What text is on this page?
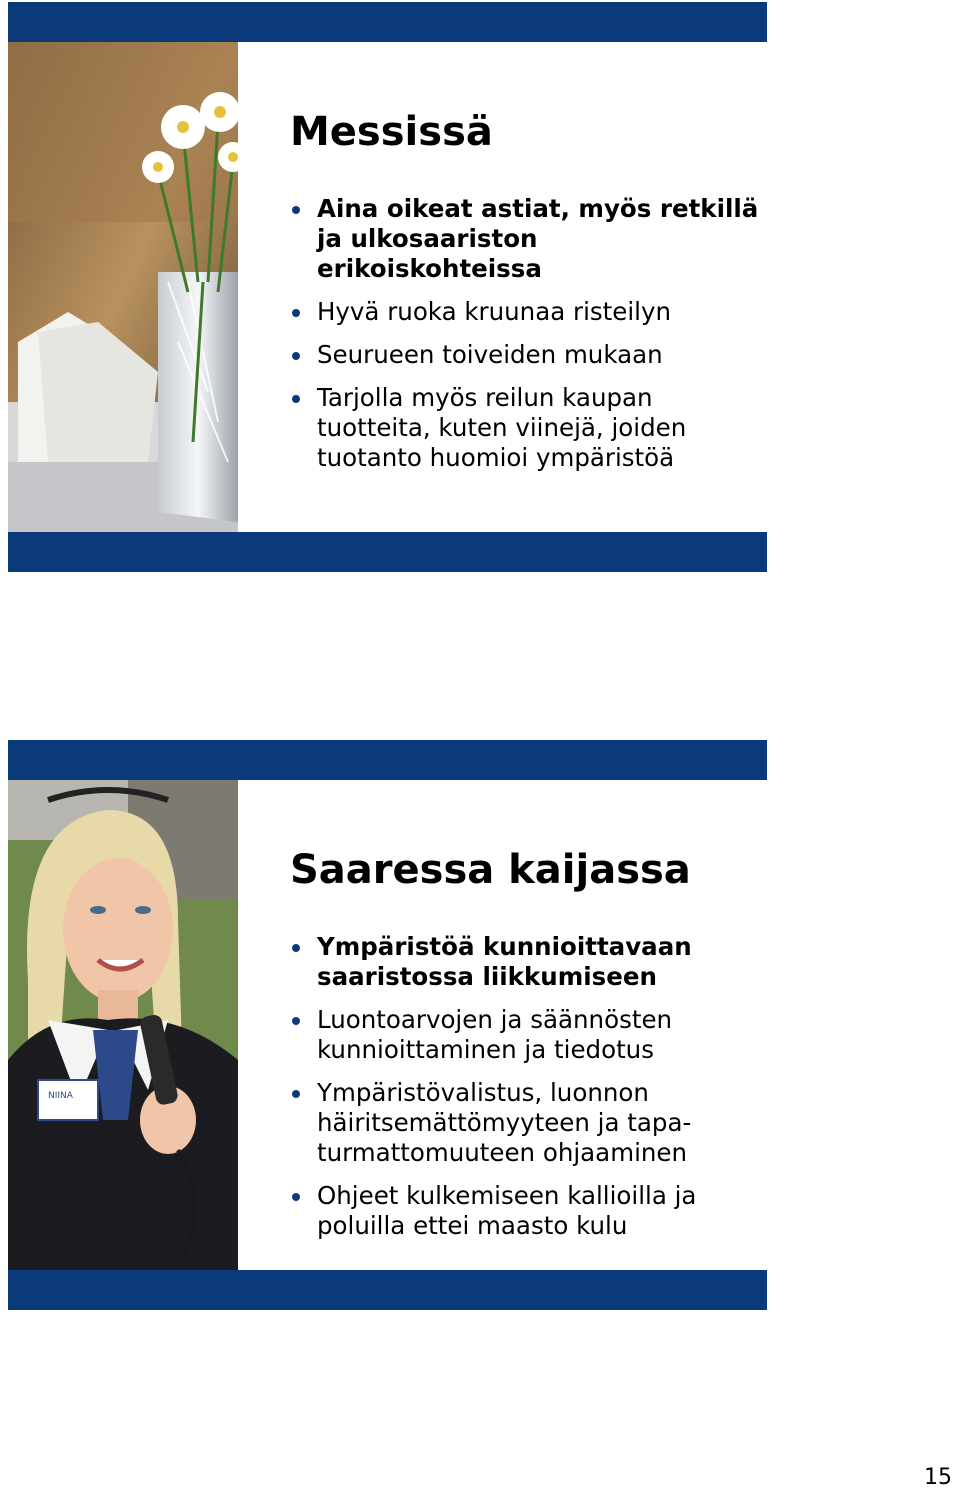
Messissä
Aina oikeat astiat, myös retkillä ja ulkosaariston erikoiskohteissa
Hyvä ruoka kruunaa risteilyn
Seurueen toiveiden mukaan
Tarjolla myös reilun kaupan tuotteita, kuten viinejä, joiden tuotanto huomioi ympäristöä
NIINA
Saaressa kaijassa
Ympäristöä kunnioittavaan saaristossa liikkumiseen
Luontoarvojen ja säännösten kunnioittaminen ja tiedotus
Ympäristövalistus, luonnon häiritsemättömyyteen ja tapa-turmattomuuteen ohjaaminen
Ohjeet kulkemiseen kallioilla ja poluilla ettei maasto kulu
15
